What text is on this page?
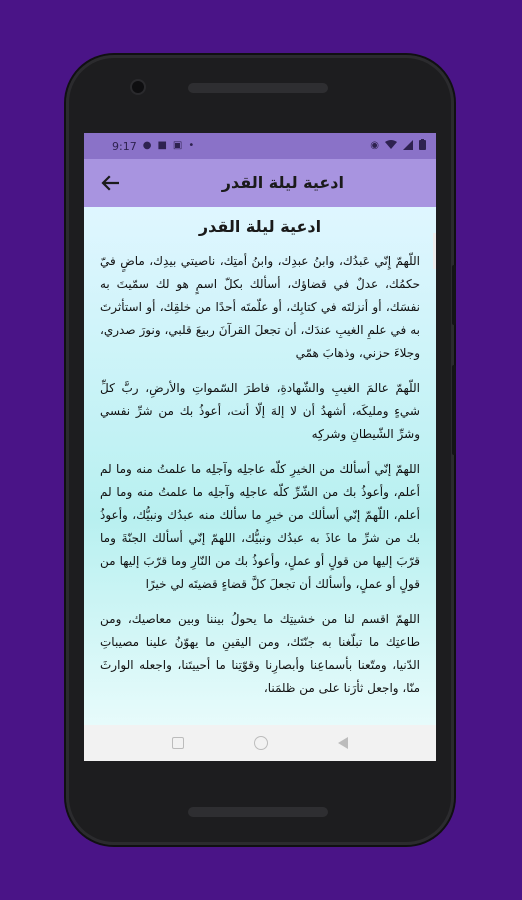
9:17 ● ■ ▣ •	◉
ادعية ليلة القدر
ادعية ليلة القدر

اللّهمّ إِنّي عَبدُك، وابنُ عبدِك، وابنُ أمتِك، ناصيتي بيدِك، ماضٍ فيّ حكمُك، عدلٌ في قضاؤك، أسألك بكلّ اسمٍ هو لك سمّيتَ به نفسَك، أو أنزلتَه في كتابِك، أو علّمتَه أحدًا من خلقِك، أو استأثرتَ به في علمِ الغيبِ عندَك، أن تجعلَ القرآنَ ربيعَ قلبي، ونورَ صدري، وجلاءَ حزني، وذهابَ همّي

اللّهمّ عالمَ الغيبِ والشّهادةِ، فاطرَ السّمواتِ والأرضِ، ربَّ كلِّ شيءٍ ومليكَه، أشهدُ أن لا إلهَ إلّا أنت، أعوذُ بك من شرِّ نفسي وشرِّ الشّيطانِ وشركِه

اللهمّ إنّي أسألك من الخيرِ كلّه عاجلِه وآجلِه ما علمتُ منه وما لم أعلم، وأعوذُ بك من الشّرِّ كلّه عاجلِه وآجلِه ما علمتُ منه وما لم أعلم، اللّهمّ إنّي أسألك من خيرِ ما سألك منه عبدُك ونبيُّك، وأعوذُ بك من شرِّ ما عاذَ به عبدُك ونبيُّك، اللهمّ إنّي أسألك الجنّةَ وما قرّبَ إليها من قولٍ أو عملٍ، وأعوذُ بك من النّارِ وما قرّبَ إليها من قولٍ أو عملٍ، وأسألك أن تجعلَ كلَّ قضاءٍ قضيتَه لي خيرًا

اللهمّ اقسم لنا من خشيتِك ما يحولُ بيننا وبين معاصيك، ومن طاعتِك ما تبلّغنا به جنّتَك، ومن اليقينِ ما يهوّنُ علينا مصيباتِ الدّنيا، ومتّعنا بأسماعِنا وأبصارِنا وقوّتِنا ما أحييتَنا، واجعله الوارثَ منّا، واجعل ثأرَنا على من ظلمَنا،
